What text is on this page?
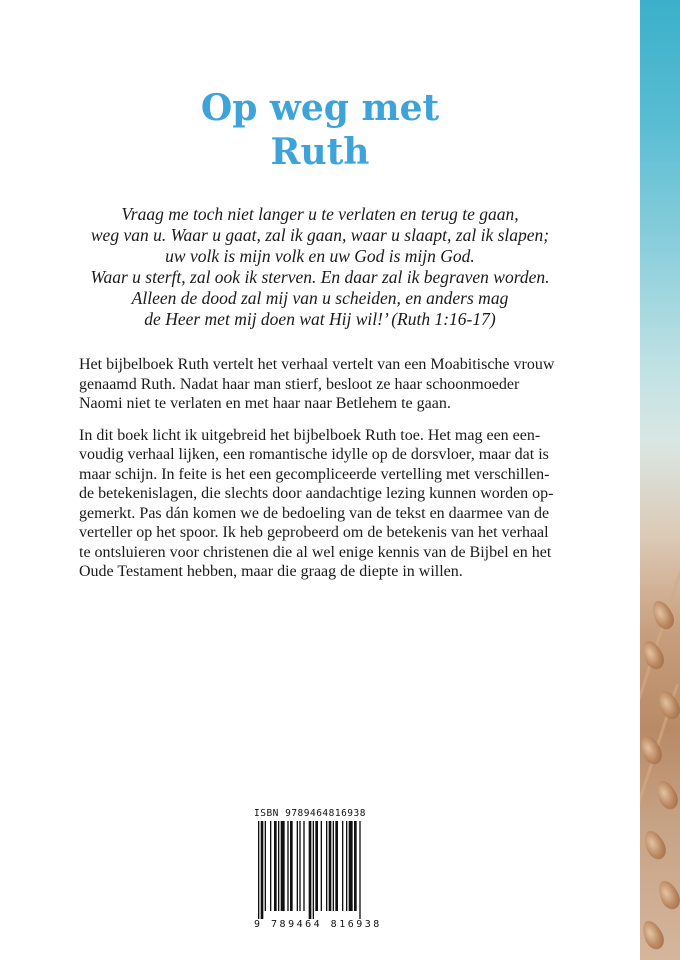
Op weg met
Ruth
Vraag me toch niet langer u te verlaten en terug te gaan,
weg van u. Waar u gaat, zal ik gaan, waar u slaapt, zal ik slapen;
uw volk is mijn volk en uw God is mijn God.
Waar u sterft, zal ook ik sterven. En daar zal ik begraven worden.
Alleen de dood zal mij van u scheiden, en anders mag
de Heer met mij doen wat Hij wil!’ (Ruth 1:16-17)

Het bijbelboek Ruth vertelt het verhaal vertelt van een Moabitische vrouw
genaamd Ruth. Nadat haar man stierf, besloot ze haar schoonmoeder
Naomi niet te verlaten en met haar naar Betlehem te gaan.

In dit boek licht ik uitgebreid het bijbelboek Ruth toe. Het mag een een-
voudig verhaal lijken, een romantische idylle op de dorsvloer, maar dat is
maar schijn. In feite is het een gecompliceerde vertelling met verschillen-
de betekenislagen, die slechts door aandachtige lezing kunnen worden op-
gemerkt. Pas dán komen we de bedoeling van de tekst en daarmee van de
verteller op het spoor. Ik heb geprobeerd om de betekenis van het verhaal
te ontsluieren voor christenen die al wel enige kennis van de Bijbel en het
Oude Testament hebben, maar die graag de diepte in willen.

ISBN 9789464816938
9 789464 816938
